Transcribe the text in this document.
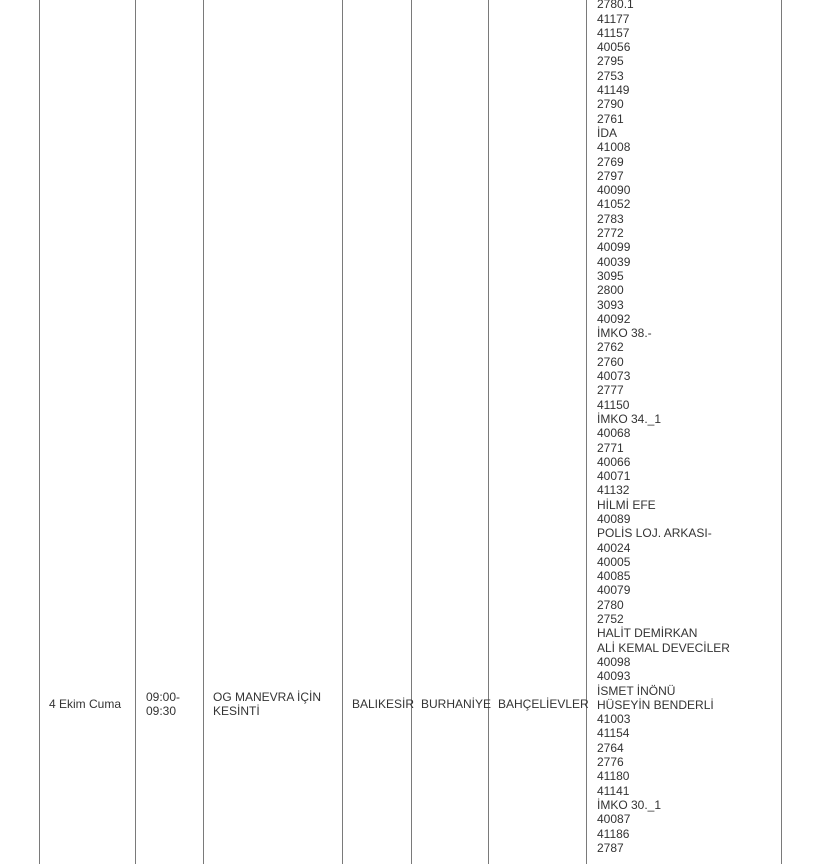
4 Ekim Cuma 09:00-09:30
OG MANEVRA İÇİN KESİNTİ
BALIKESİR BURHANİYE BAHÇELİEVLER
2780.1
41177
41157
40056
2795
2753
41149
2790
2761
İDA
41008
2769
2797
40090
41052
2783
2772
40099
40039
3095
2800
3093
40092
İMKO 38.-
2762
2760
40073
2777
41150
İMKO 34._1
40068
2771
40066
40071
41132
HİLMİ EFE
40089
POLİS LOJ. ARKASI-
40024
40005
40085
40079
2780
2752
HALİT DEMİRKAN
ALİ KEMAL DEVECİLER
40098
40093
İSMET İNÖNÜ
HÜSEYİN BENDERLİ
41003
41154
2764
2776
41180
41141
İMKO 30._1
40087
41186
2787
